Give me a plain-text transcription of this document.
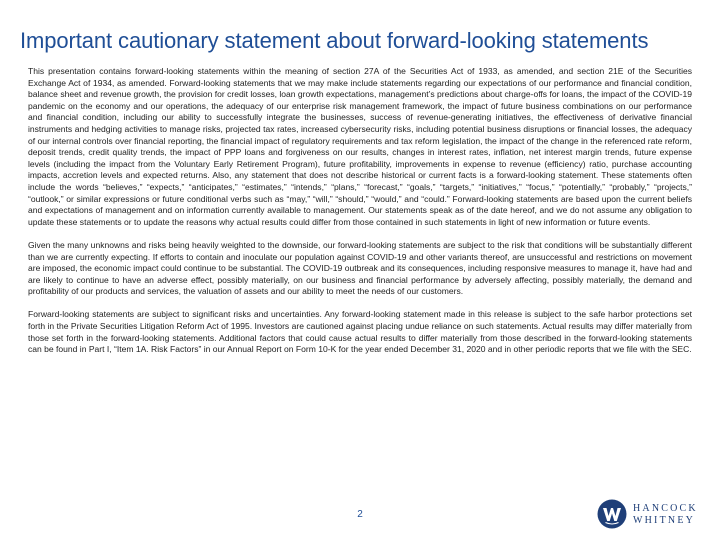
Important cautionary statement about forward-looking statements

This presentation contains forward-looking statements within the meaning of section 27A of the Securities Act of 1933, as amended, and section 21E of the Securities Exchange Act of 1934, as amended. Forward-looking statements that we may make include statements regarding our expectations of our performance and financial condition, balance sheet and revenue growth, the provision for credit losses, loan growth expectations, management’s predictions about charge-offs for loans, the impact of the COVID-19 pandemic on the economy and our operations, the adequacy of our enterprise risk management framework, the impact of future business combinations on our performance and financial condition, including our ability to successfully integrate the businesses, success of revenue-generating initiatives, the effectiveness of derivative financial instruments and hedging activities to manage risks, projected tax rates, increased cybersecurity risks, including potential business disruptions or financial losses, the adequacy of our internal controls over financial reporting, the financial impact of regulatory requirements and tax reform legislation, the impact of the change in the referenced rate reform, deposit trends, credit quality trends, the impact of PPP loans and forgiveness on our results, changes in interest rates, inflation, net interest margin trends, future expense levels (including the impact from the Voluntary Early Retirement Program), future profitability, improvements in expense to revenue (efficiency) ratio, purchase accounting impacts, accretion levels and expected returns. Also, any statement that does not describe historical or current facts is a forward-looking statement. These statements often include the words “believes,” “expects,” “anticipates,” “estimates,” “intends,” “plans,” “forecast,” “goals,” “targets,” “initiatives,” “focus,” “potentially,” “probably,” “projects,” “outlook,” or similar expressions or future conditional verbs such as “may,” “will,” “should,” “would,” and “could.” Forward-looking statements are based upon the current beliefs and expectations of management and on information currently available to management. Our statements speak as of the date hereof, and we do not assume any obligation to update these statements or to update the reasons why actual results could differ from those contained in such statements in light of new information or future events.

Given the many unknowns and risks being heavily weighted to the downside, our forward-looking statements are subject to the risk that conditions will be substantially different than we are currently expecting. If efforts to contain and inoculate our population against COVID-19 and other variants thereof, are unsuccessful and restrictions on movement are imposed, the economic impact could continue to be substantial. The COVID-19 outbreak and its consequences, including responsive measures to manage it, have had and are likely to continue to have an adverse effect, possibly materially, on our business and financial performance by adversely affecting, possibly materially, the demand and profitability of our products and services, the valuation of assets and our ability to meet the needs of our customers.

Forward-looking statements are subject to significant risks and uncertainties. Any forward-looking statement made in this release is subject to the safe harbor protections set forth in the Private Securities Litigation Reform Act of 1995. Investors are cautioned against placing undue reliance on such statements. Actual results may differ materially from those set forth in the forward-looking statements. Additional factors that could cause actual results to differ materially from those described in the forward-looking statements can be found in Part I, “Item 1A. Risk Factors” in our Annual Report on Form 10-K for the year ended December 31, 2020 and in other periodic reports that we file with the SEC.

2
HANCOCK
WHITNEY
